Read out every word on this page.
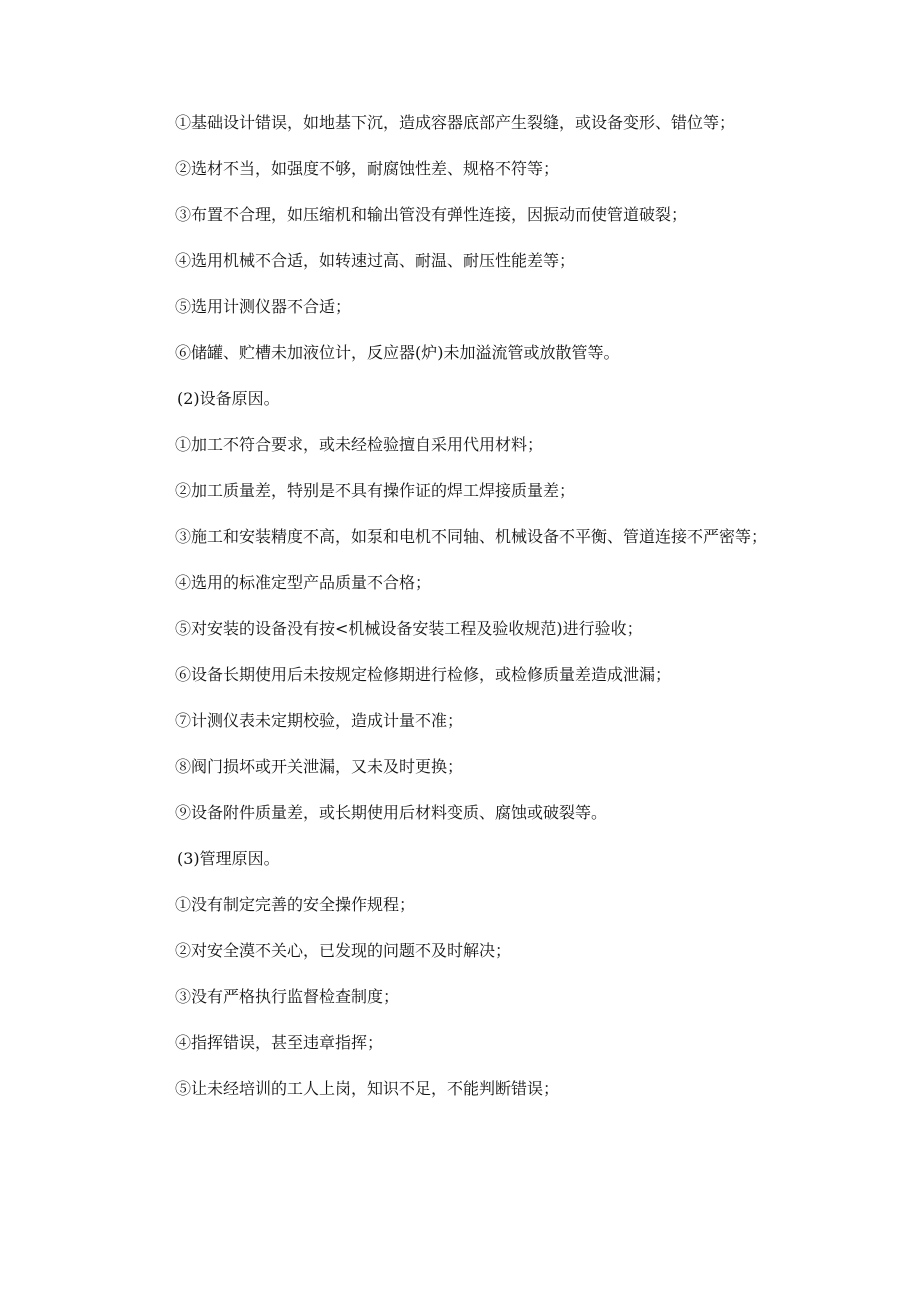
①基础设计错误，如地基下沉，造成容器底部产生裂缝，或设备变形、错位等；

②选材不当，如强度不够，耐腐蚀性差、规格不符等；

③布置不合理，如压缩机和输出管没有弹性连接，因振动而使管道破裂；

④选用机械不合适，如转速过高、耐温、耐压性能差等；

⑤选用计测仪器不合适；

⑥储罐、贮槽未加液位计，反应器(炉)未加溢流管或放散管等。

(2)设备原因。

①加工不符合要求，或未经检验擅自采用代用材料；

②加工质量差，特别是不具有操作证的焊工焊接质量差；

③施工和安装精度不高，如泵和电机不同轴、机械设备不平衡、管道连接不严密等；

④选用的标准定型产品质量不合格；

⑤对安装的设备没有按<机械设备安装工程及验收规范)进行验收；

⑥设备长期使用后未按规定检修期进行检修，或检修质量差造成泄漏；

⑦计测仪表未定期校验，造成计量不准；

⑧阀门损坏或开关泄漏，又未及时更换；

⑨设备附件质量差，或长期使用后材料变质、腐蚀或破裂等。

(3)管理原因。

①没有制定完善的安全操作规程；

②对安全漠不关心，已发现的问题不及时解决；

③没有严格执行监督检查制度；

④指挥错误，甚至违章指挥；

⑤让未经培训的工人上岗，知识不足，不能判断错误；
